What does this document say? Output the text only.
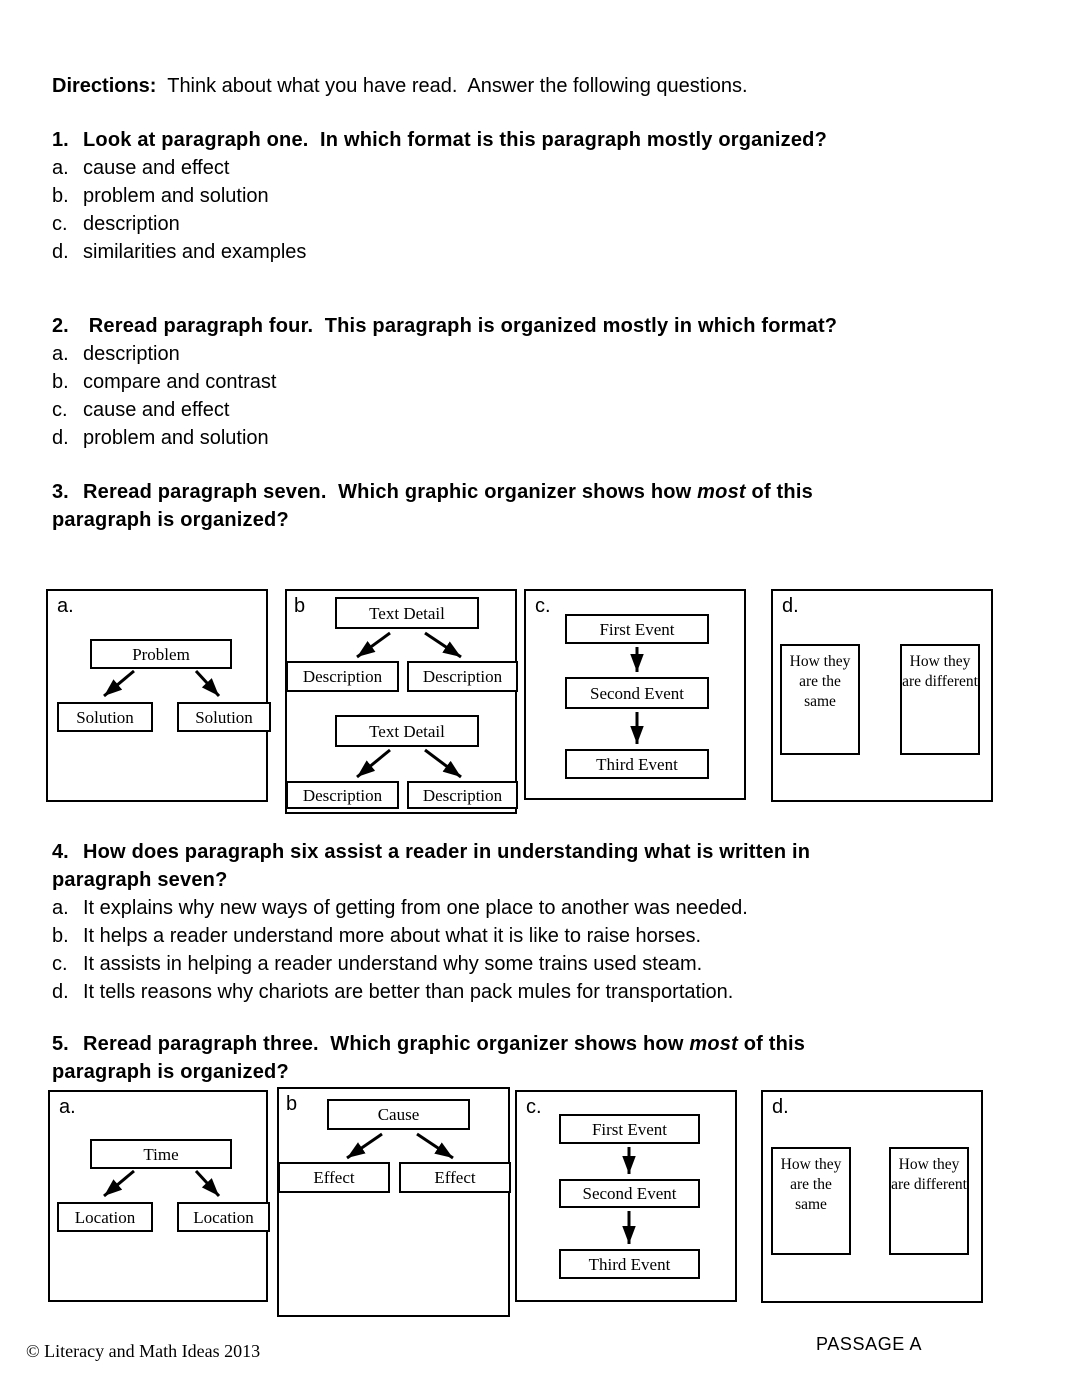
Directions:  Think about what you have read.  Answer the following questions.
1. Look at paragraph one.  In which format is this paragraph mostly organized?
a. cause and effect
b. problem and solution
c. description
d. similarities and examples
2. Reread paragraph four.  This paragraph is organized mostly in which format?
a. description
b. compare and contrast
c. cause and effect
d. problem and solution
3. Reread paragraph seven.  Which graphic organizer shows how most of this
paragraph is organized?
a.
Problem
Solution	Solution
b	Text Detail
Description	Description
Text Detail
Description	Description
c.
First Event
Second Event
Third Event
d.
How they are the same
How they are different
4. How does paragraph six assist a reader in understanding what is written in
paragraph seven?
a. It explains why new ways of getting from one place to another was needed.
b. It helps a reader understand more about what it is like to raise horses.
c. It assists in helping a reader understand why some trains used steam.
d. It tells reasons why chariots are better than pack mules for transportation.
5. Reread paragraph three.  Which graphic organizer shows how most of this
paragraph is organized?
a.
Time
Location	Location
b	Cause
Effect	Effect
c.
First Event
Second Event
Third Event
d.
How they are the same
How they are different
© Literacy and Math Ideas 2013	PASSAGE A
